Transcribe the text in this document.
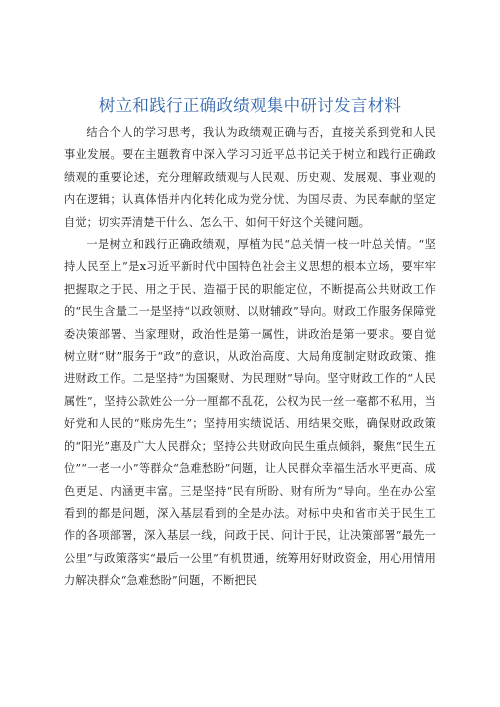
树立和践行正确政绩观集中研讨发言材料

结合个人的学习思考，我认为政绩观正确与否，直接关系到党和人民事业发展。要在主题教育中深入学习习近平总书记关于树立和践行正确政绩观的重要论述，充分理解政绩观与人民观、历史观、发展观、事业观的内在逻辑；认真体悟并内化转化成为党分忧、为国尽责、为民奉献的坚定自觉；切实弄清楚干什么、怎么干、如何干好这个关键问题。

一是树立和践行正确政绩观，厚植为民“总关情一枝一叶总关情。“坚持人民至上”是x习近平新时代中国特色社会主义思想的根本立场，要牢牢把握取之于民、用之于民、造福于民的职能定位，不断提高公共财政工作的“民生含量二一是坚持“以政领财、以财辅政”导向。财政工作服务保障党委决策部署、当家理财，政治性是第一属性，讲政治是第一要求。要自觉树立财“财”服务于“政”的意识，从政治高度、大局角度制定财政政策、推进财政工作。二是坚持“为国聚财、为民理财”导向。坚守财政工作的“人民属性”，坚持公款姓公一分一厘都不乱花，公权为民一丝一毫都不私用，当好党和人民的“账房先生”；坚持用实绩说话、用结果交账，确保财政政策的“阳光”惠及广大人民群众；坚持公共财政向民生重点倾斜，聚焦“民生五位”“一老一小”等群众“急难愁盼”问题，让人民群众幸福生活水平更高、成色更足、内涵更丰富。三是坚持“民有所盼、财有所为“导向。坐在办公室看到的都是问题，深入基层看到的全是办法。对标中央和省市关于民生工作的各项部署，深入基层一线，问政于民、问计于民，让决策部署“最先一公里”与政策落实“最后一公里”有机贯通，统筹用好财政资金，用心用情用力解决群众“急难愁盼”问题，不断把民
